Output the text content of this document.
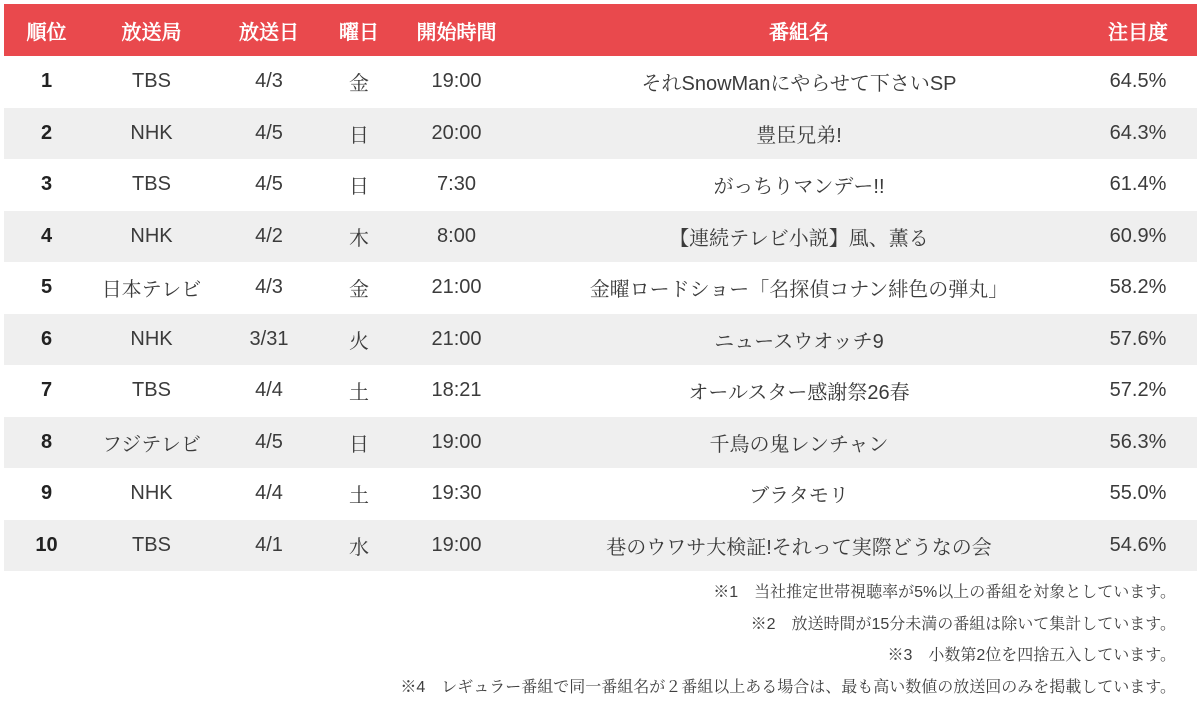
順位	放送局	放送日	曜日	開始時間	番組名	注目度
1	TBS	4/3	金	19:00	それSnowManにやらせて下さいSP	64.5%
2	NHK	4/5	日	20:00	豊臣兄弟!	64.3%
3	TBS	4/5	日	7:30	がっちりマンデー!!	61.4%
4	NHK	4/2	木	8:00	【連続テレビ小説】風、薫る	60.9%
5	日本テレビ	4/3	金	21:00	金曜ロードショー「名探偵コナン緋色の弾丸」	58.2%
6	NHK	3/31	火	21:00	ニュースウオッチ9	57.6%
7	TBS	4/4	土	18:21	オールスター感謝祭26春	57.2%
8	フジテレビ	4/5	日	19:00	千鳥の鬼レンチャン	56.3%
9	NHK	4/4	土	19:30	ブラタモリ	55.0%
10	TBS	4/1	水	19:00	巷のウワサ大検証!それって実際どうなの会	54.6%
※1　当社推定世帯視聴率が5%以上の番組を対象としています。
※2　放送時間が15分未満の番組は除いて集計しています。
※3　小数第2位を四捨五入しています。
※4　レギュラー番組で同一番組名が２番組以上ある場合は、最も高い数値の放送回のみを掲載しています。
